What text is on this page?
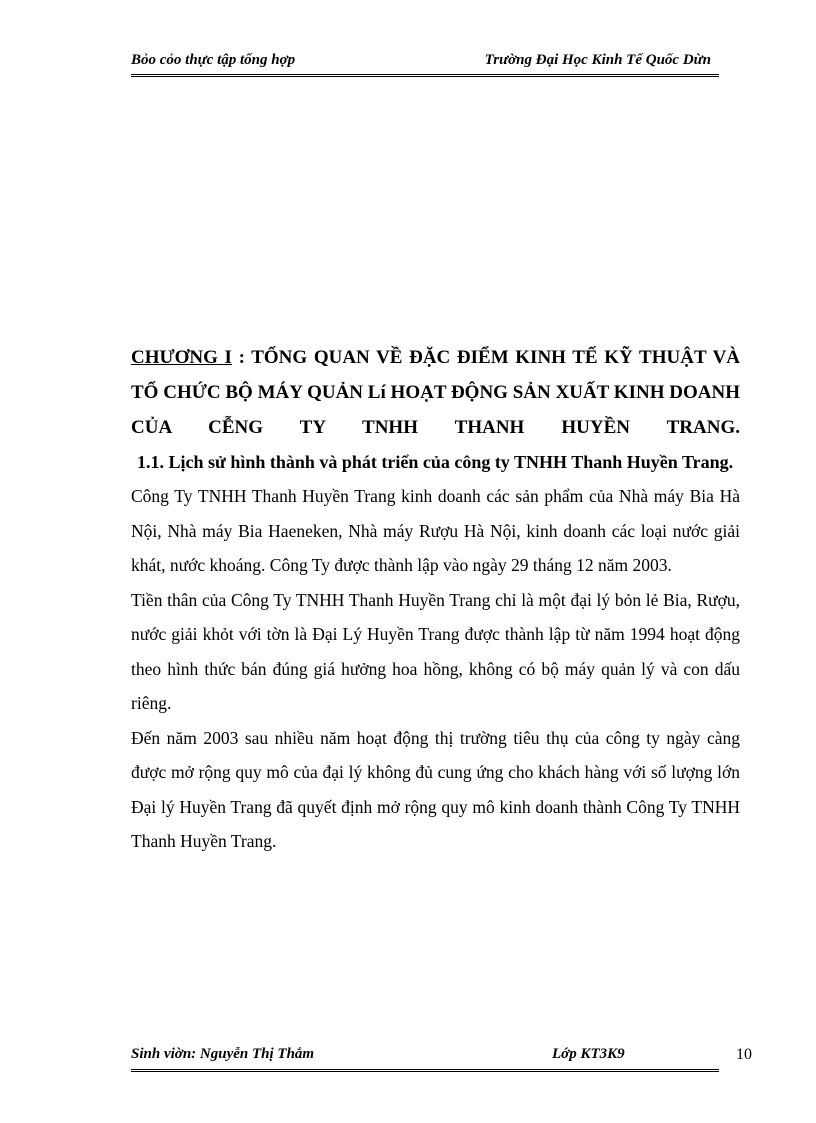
Bỏo cỏo thực tập tổng hợp	Trường Đại Học Kinh Tế Quốc Dừn

CHƯƠNG I : TỔNG QUAN VỀ ĐẶC ĐIỂM KINH TẾ KỸ THUẬT VÀ
TỔ CHỨC BỘ MÁY QUẢN Lí HOẠT ĐỘNG SẢN XUẤT KINH DOANH
CỦA CỄNG TY TNHH THANH HUYỀN TRANG.

1.1. Lịch sử hình thành và phát triển của công ty TNHH Thanh Huyền Trang.

Công Ty TNHH Thanh Huyền Trang kinh doanh các sản phẩm của Nhà máy Bia Hà Nội, Nhà máy Bia Haeneken, Nhà máy Rượu Hà Nội, kinh doanh các loại nước giải khát, nước khoáng. Công Ty được thành lập vào ngày 29 tháng 12 năm 2003.

Tiền thân của Công Ty TNHH Thanh Huyền Trang chỉ là một đại lý bỏn lẻ Bia, Rượu, nước giải khỏt với tờn là Đại Lý Huyền Trang được thành lập từ năm 1994 hoạt động theo hình thức bán đúng giá hưởng hoa hồng, không có bộ máy quản lý và con dấu riêng.

Đến năm 2003 sau nhiều năm hoạt động thị trường tiêu thụ của công ty ngày càng được mở rộng quy mô của đại lý không đủ cung ứng cho khách hàng với số lượng lớn Đại lý Huyền Trang đã quyết định mở rộng quy mô kinh doanh thành Công Ty TNHH Thanh Huyền Trang.

Sinh viờn: Nguyễn Thị Thắm	Lớp KT3K9	10
